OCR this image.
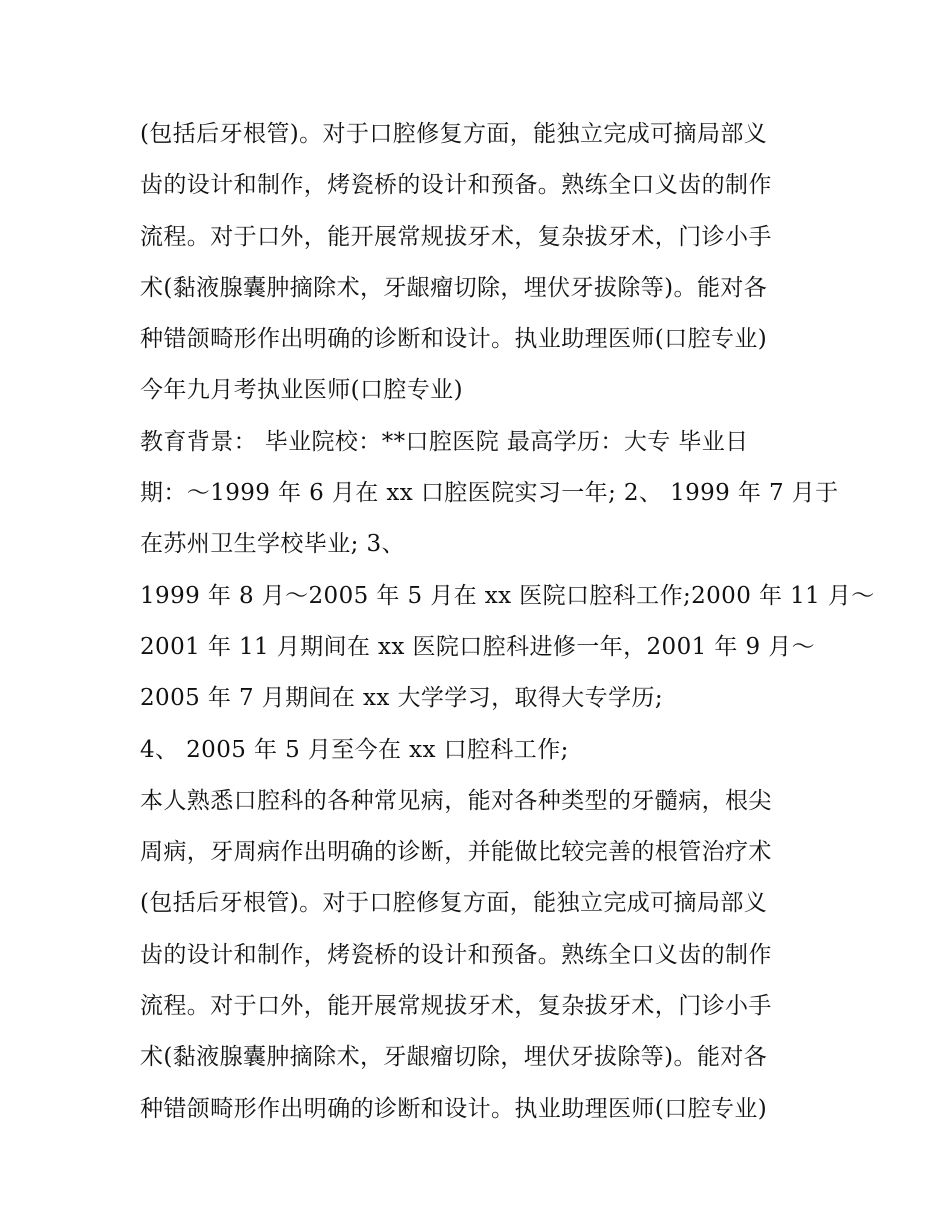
(包括后牙根管)。对于口腔修复方面，能独立完成可摘局部义
齿的设计和制作，烤瓷桥的设计和预备。熟练全口义齿的制作
流程。对于口外，能开展常规拔牙术，复杂拔牙术，门诊小手
术(黏液腺囊肿摘除术，牙龈瘤切除，埋伏牙拔除等)。能对各
种错颌畸形作出明确的诊断和设计。执业助理医师(口腔专业)
今年九月考执业医师(口腔专业)
教育背景： 毕业院校：**口腔医院 最高学历：大专 毕业日
期：～1999 年 6 月在 xx 口腔医院实习一年; 2、 1999 年 7 月于
在苏州卫生学校毕业; 3、
1999 年 8 月～2005 年 5 月在 xx 医院口腔科工作;2000 年 11 月～
2001 年 11 月期间在 xx 医院口腔科进修一年，2001 年 9 月～
2005 年 7 月期间在 xx 大学学习，取得大专学历;
4、 2005 年 5 月至今在 xx 口腔科工作;
本人熟悉口腔科的各种常见病，能对各种类型的牙髓病，根尖
周病，牙周病作出明确的诊断，并能做比较完善的根管治疗术
(包括后牙根管)。对于口腔修复方面，能独立完成可摘局部义
齿的设计和制作，烤瓷桥的设计和预备。熟练全口义齿的制作
流程。对于口外，能开展常规拔牙术，复杂拔牙术，门诊小手
术(黏液腺囊肿摘除术，牙龈瘤切除，埋伏牙拔除等)。能对各
种错颌畸形作出明确的诊断和设计。执业助理医师(口腔专业)
